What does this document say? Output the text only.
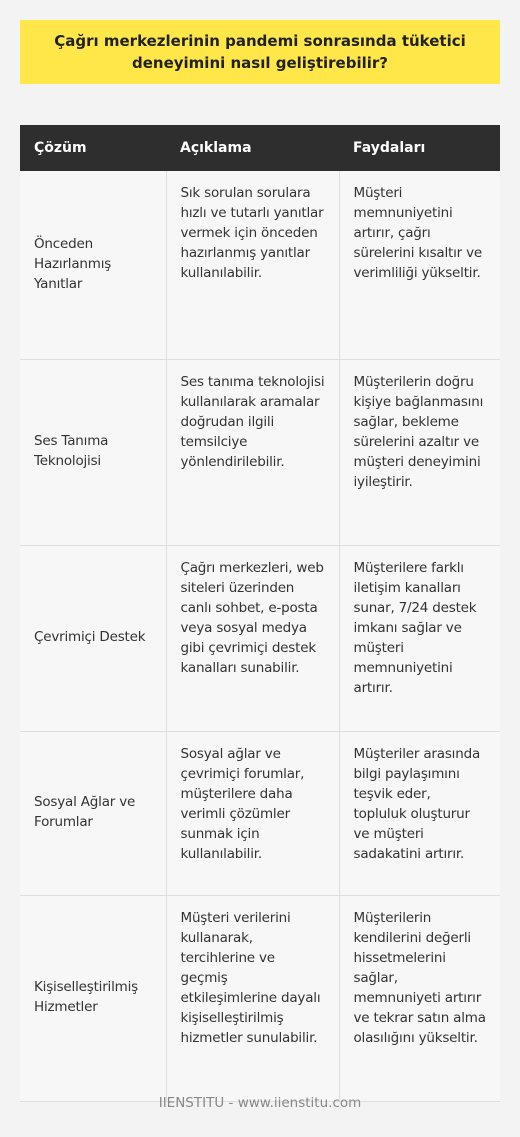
Çağrı merkezlerinin pandemi sonrasında tüketici deneyimini nasıl geliştirebilir?
Çözüm	Açıklama	Faydaları
Önceden Hazırlanmış Yanıtlar	Sık sorulan sorulara hızlı ve tutarlı yanıtlar vermek için önceden hazırlanmış yanıtlar kullanılabilir.	Müşteri memnuniyetini artırır, çağrı sürelerini kısaltır ve verimliliği yükseltir.
Ses Tanıma Teknolojisi	Ses tanıma teknolojisi kullanılarak aramalar doğrudan ilgili temsilciye yönlendirilebilir.	Müşterilerin doğru kişiye bağlanmasını sağlar, bekleme sürelerini azaltır ve müşteri deneyimini iyileştirir.
Çevrimiçi Destek	Çağrı merkezleri, web siteleri üzerinden canlı sohbet, e-posta veya sosyal medya gibi çevrimiçi destek kanalları sunabilir.	Müşterilere farklı iletişim kanalları sunar, 7/24 destek imkanı sağlar ve müşteri memnuniyetini artırır.
Sosyal Ağlar ve Forumlar	Sosyal ağlar ve çevrimiçi forumlar, müşterilere daha verimli çözümler sunmak için kullanılabilir.	Müşteriler arasında bilgi paylaşımını teşvik eder, topluluk oluşturur ve müşteri sadakatini artırır.
Kişiselleştirilmiş Hizmetler	Müşteri verilerini kullanarak, tercihlerine ve geçmiş etkileşimlerine dayalı kişiselleştirilmiş hizmetler sunulabilir.	Müşterilerin kendilerini değerli hissetmelerini sağlar, memnuniyeti artırır ve tekrar satın alma olasılığını yükseltir.
IIENSTITU - www.iienstitu.com
